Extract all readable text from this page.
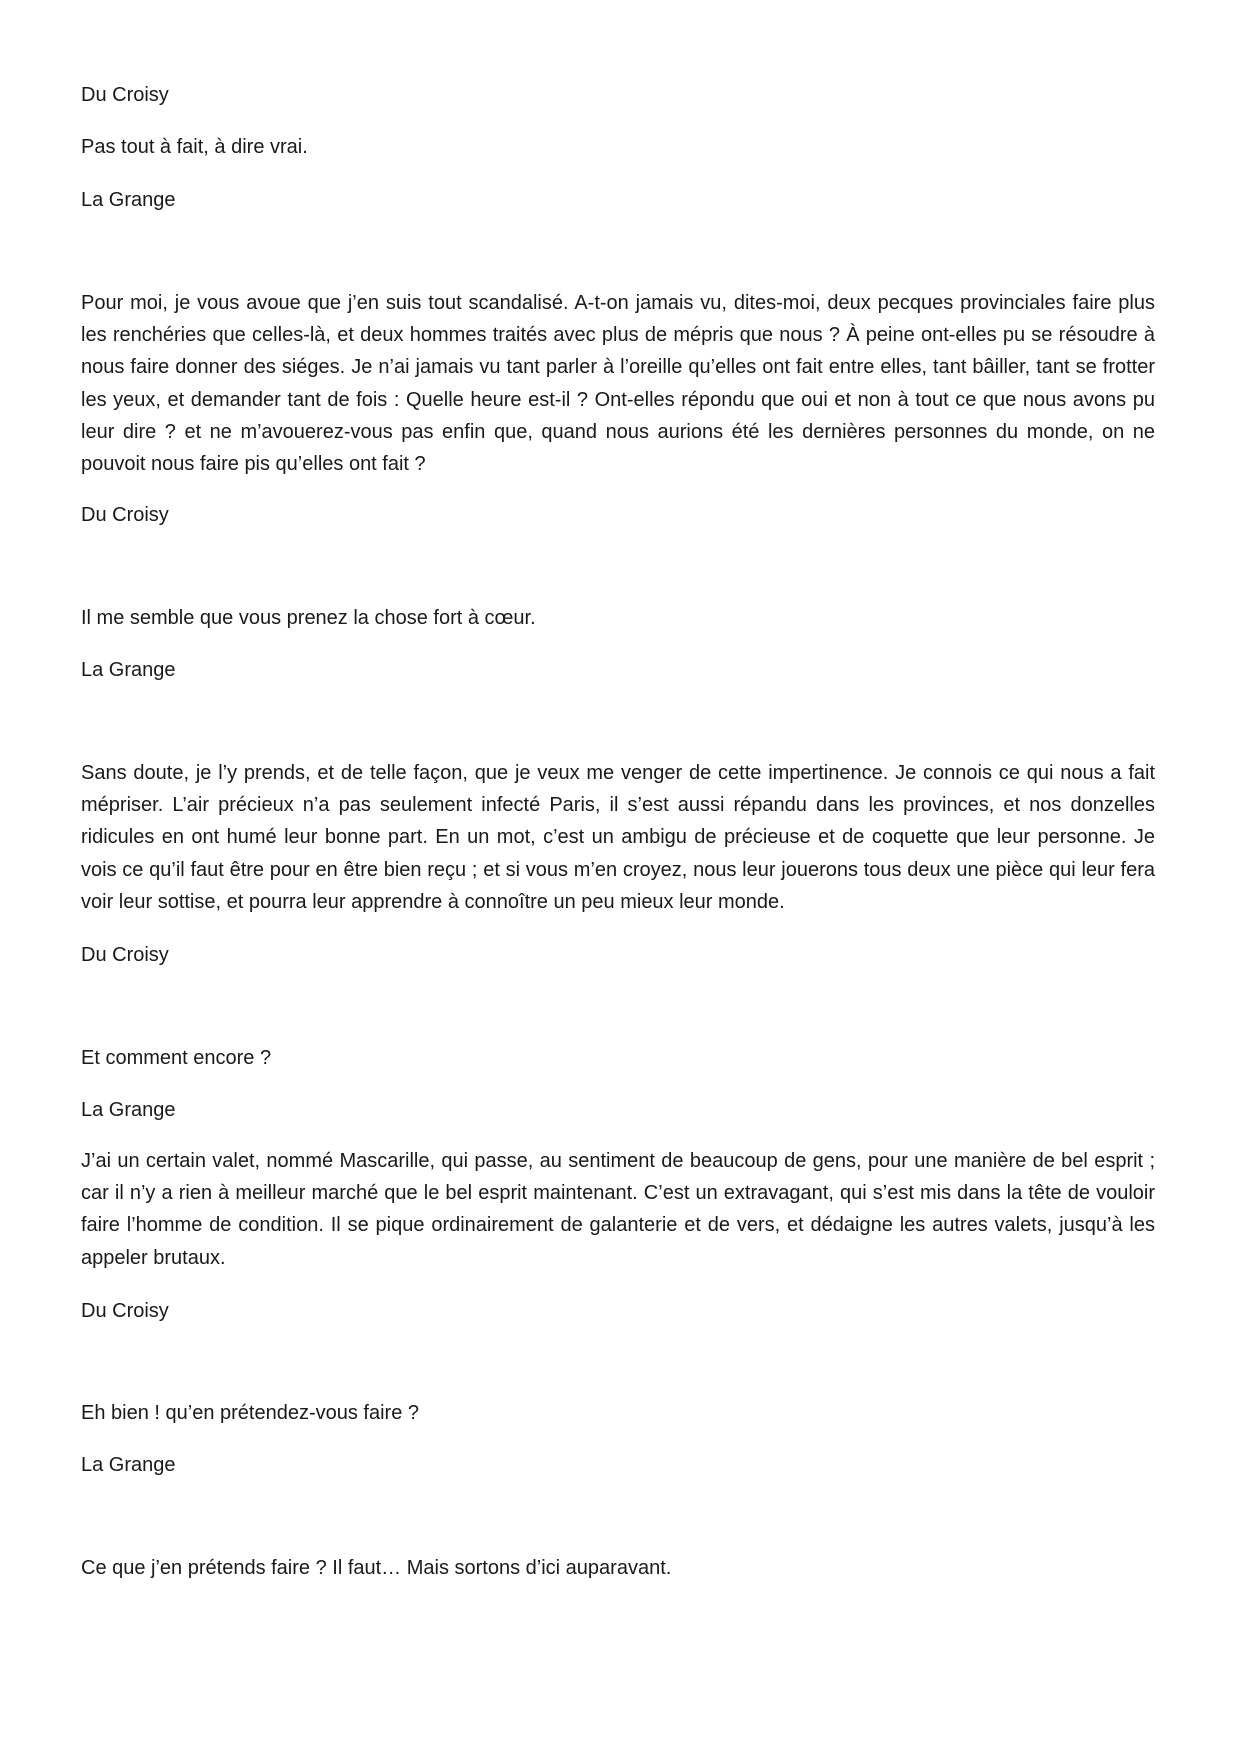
Du Croisy

Pas tout à fait, à dire vrai.

La Grange

Pour moi, je vous avoue que j’en suis tout scandalisé. A-t-on jamais vu, dites-moi, deux pecques provinciales faire plus les renchéries que celles-là, et deux hommes traités avec plus de mépris que nous ? À peine ont-elles pu se résoudre à nous faire donner des siéges. Je n’ai jamais vu tant parler à l’oreille qu’elles ont fait entre elles, tant bâiller, tant se frotter les yeux, et demander tant de fois : Quelle heure est-il ? Ont-elles répondu que oui et non à tout ce que nous avons pu leur dire ? et ne m’avouerez-vous pas enfin que, quand nous aurions été les dernières personnes du monde, on ne pouvoit nous faire pis qu’elles ont fait ?

Du Croisy

Il me semble que vous prenez la chose fort à cœur.

La Grange

Sans doute, je l’y prends, et de telle façon, que je veux me venger de cette impertinence. Je connois ce qui nous a fait mépriser. L’air précieux n’a pas seulement infecté Paris, il s’est aussi répandu dans les provinces, et nos donzelles ridicules en ont humé leur bonne part. En un mot, c’est un ambigu de précieuse et de coquette que leur personne. Je vois ce qu’il faut être pour en être bien reçu ; et si vous m’en croyez, nous leur jouerons tous deux une pièce qui leur fera voir leur sottise, et pourra leur apprendre à connoître un peu mieux leur monde.

Du Croisy

Et comment encore ?

La Grange

J’ai un certain valet, nommé Mascarille, qui passe, au sentiment de beaucoup de gens, pour une manière de bel esprit ; car il n’y a rien à meilleur marché que le bel esprit maintenant. C’est un extravagant, qui s’est mis dans la tête de vouloir faire l’homme de condition. Il se pique ordinairement de galanterie et de vers, et dédaigne les autres valets, jusqu’à les appeler brutaux.

Du Croisy

Eh bien ! qu’en prétendez-vous faire ?

La Grange

Ce que j’en prétends faire ? Il faut… Mais sortons d’ici auparavant.
